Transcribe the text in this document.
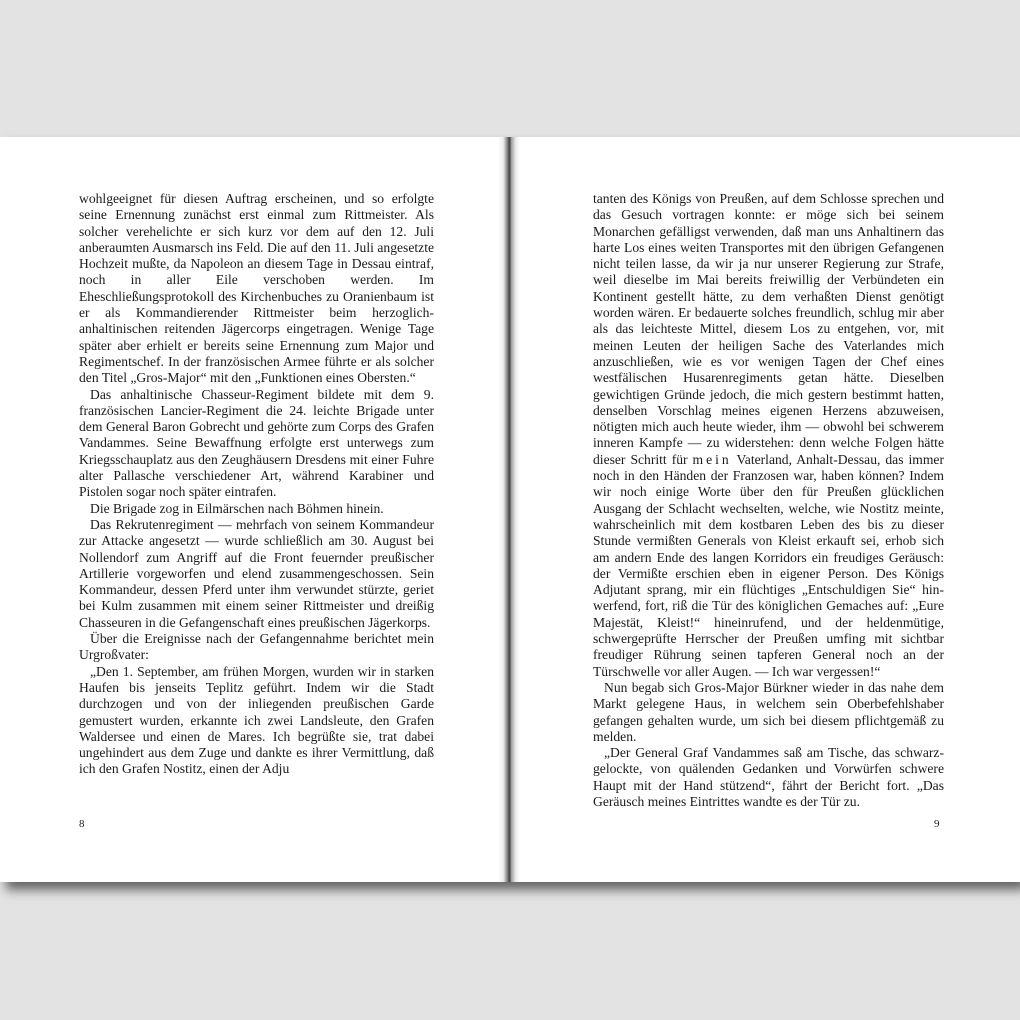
wohlgeeignet für diesen Auftrag erscheinen, und so erfolgte seine Ernennung zunächst erst einmal zum Rittmeister. Als solcher verehelichte er sich kurz vor dem auf den 12. Juli anberaumten Ausmarsch ins Feld. Die auf den 11. Juli angesetzte Hochzeit mußte, da Napoleon an diesem Tage in Dessau eintraf, noch in aller Eile verschoben werden. Im Eheschließungsprotokoll des Kirchenbuches zu Oranienbaum ist er als Kommandierender Rittmeister beim herzoglich-anhaltinischen reitenden Jägercorps eingetragen. Wenige Tage später aber erhielt er bereits seine Ernennung zum Major und Regimentschef. In der französischen Armee führte er als solcher den Titel „Gros-Major“ mit den „Funktionen eines Obersten.“

Das anhaltinische Chasseur-Regiment bildete mit dem 9. französischen Lancier-Regiment die 24. leichte Brigade unter dem General Baron Gobrecht und gehörte zum Corps des Grafen Vandammes. Seine Bewaffnung erfolgte erst unterwegs zum Kriegsschauplatz aus den Zeughäusern Dresdens mit einer Fuhre alter Pallasche verschiedener Art, während Karabiner und Pistolen sogar noch später eintrafen.

Die Brigade zog in Eilmärschen nach Böhmen hinein.

Das Rekrutenregiment — mehrfach von seinem Kommandeur zur Attacke angesetzt — wurde schließlich am 30. August bei Nollendorf zum Angriff auf die Front feuernder preußischer Artillerie vorgeworfen und elend zusammengeschossen. Sein Kommandeur, dessen Pferd unter ihm verwundet stürzte, geriet bei Kulm zusammen mit einem seiner Rittmeister und dreißig Chasseuren in die Gefangenschaft eines preußischen Jägerkorps.

Über die Ereignisse nach der Gefangennahme berichtet mein Urgroßvater:

„Den 1. September, am frühen Morgen, wurden wir in starken Haufen bis jenseits Teplitz geführt. Indem wir die Stadt durchzogen und von der inliegenden preußischen Garde gemustert wurden, erkannte ich zwei Landsleute, den Grafen Waldersee und einen de Mares. Ich begrüßte sie, trat dabei ungehindert aus dem Zuge und dankte es ihrer Vermittlung, daß ich den Grafen Nostitz, einen der Adju

8

tanten des Königs von Preußen, auf dem Schlosse sprechen und das Gesuch vortragen konnte: er möge sich bei seinem Monarchen gefälligst verwenden, daß man uns Anhaltinern das harte Los eines weiten Transportes mit den übrigen Gefangenen nicht teilen lasse, da wir ja nur unserer Regierung zur Strafe, weil dieselbe im Mai bereits freiwillig der Verbündeten ein Kontinent gestellt hätte, zu dem verhaßten Dienst genötigt worden wären. Er bedauerte solches freundlich, schlug mir aber als das leichteste Mittel, diesem Los zu entgehen, vor, mit meinen Leuten der heiligen Sache des Vaterlandes mich anzuschließen, wie es vor wenigen Tagen der Chef eines westfälischen Husarenregiments getan hätte. Dieselben gewichtigen Gründe jedoch, die mich gestern bestimmt hatten, denselben Vorschlag meines eigenen Herzens abzuweisen, nötigten mich auch heute wieder, ihm — obwohl bei schwerem inneren Kampfe — zu widerstehen: denn welche Folgen hätte dieser Schritt für mein Vaterland, Anhalt-Dessau, das immer noch in den Händen der Franzosen war, haben können? Indem wir noch einige Worte über den für Preußen glücklichen Ausgang der Schlacht wechselten, welche, wie Nostitz meinte, wahrscheinlich mit dem kostbaren Leben des bis zu dieser Stunde vermißten Generals von Kleist erkauft sei, erhob sich am andern Ende des langen Korridors ein freudiges Geräusch: der Vermißte erschien eben in eigener Person. Des Königs Adjutant sprang, mir ein flüchtiges „Entschuldigen Sie“ hinwerfend, fort, riß die Tür des königlichen Gemaches auf: „Eure Majestät, Kleist!“ hineinrufend, und der heldenmütige, schwergeprüfte Herrscher der Preußen umfing mit sichtbar freudiger Rührung seinen tapferen General noch an der Türschwelle vor aller Augen. — Ich war vergessen!“

Nun begab sich Gros-Major Bürkner wieder in das nahe dem Markt gelegene Haus, in welchem sein Oberbefehlshaber gefangen gehalten wurde, um sich bei diesem pflichtgemäß zu melden.

„Der General Graf Vandammes saß am Tische, das schwarzgelockte, von quälenden Gedanken und Vorwürfen schwere Haupt mit der Hand stützend“, fährt der Bericht fort. „Das Geräusch meines Eintrittes wandte es der Tür zu.

9
